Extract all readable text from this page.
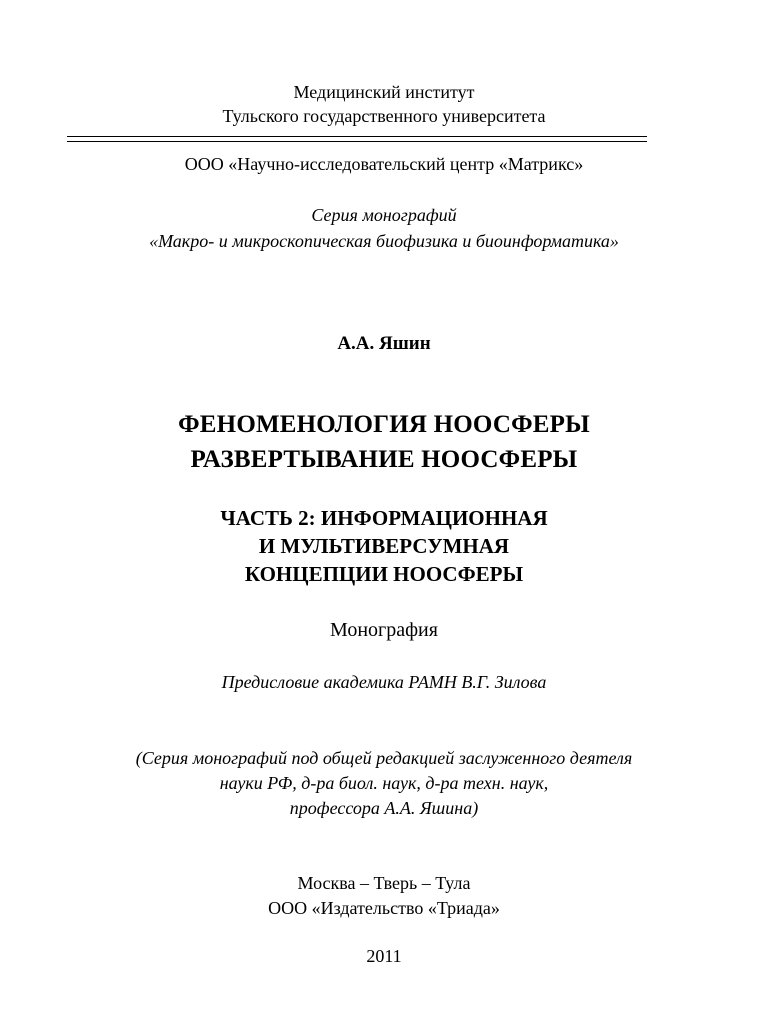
Медицинский институт
Тульского государственного университета
ООО «Научно-исследовательский центр «Матрикс»
Серия монографий
«Макро- и микроскопическая биофизика и биоинформатика»
А.А. Яшин
ФЕНОМЕНОЛОГИЯ НООСФЕРЫ
РАЗВЕРТЫВАНИЕ НООСФЕРЫ
ЧАСТЬ 2: ИНФОРМАЦИОННАЯ
И МУЛЬТИВЕРСУМНАЯ
КОНЦЕПЦИИ НООСФЕРЫ
Монография
Предисловие академика РАМН В.Г. Зилова
(Серия монографий под общей редакцией заслуженного деятеля
науки РФ, д-ра биол. наук, д-ра техн. наук,
профессора А.А. Яшина)
Москва – Тверь – Тула
ООО «Издательство «Триада»
2011
